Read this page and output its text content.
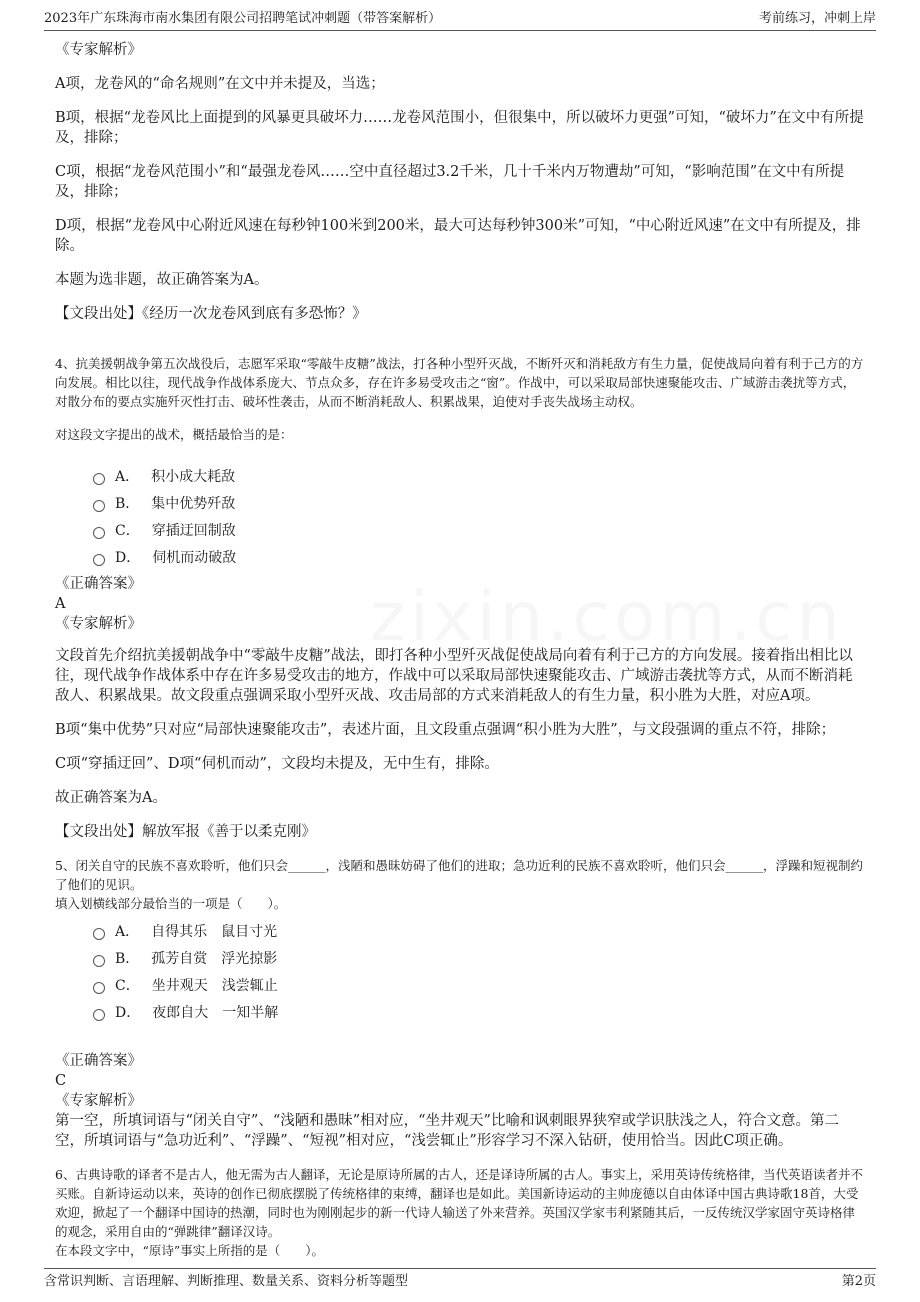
2023年广东珠海市南水集团有限公司招聘笔试冲刺题（带答案解析）	考前练习，冲刺上岸

《专家解析》

A项，龙卷风的“命名规则”在文中并未提及，当选；

B项，根据“龙卷风比上面提到的风暴更具破坏力……龙卷风范围小，但很集中，所以破坏力更强”可知，“破坏力”在文中有所提及，排除；

C项，根据“龙卷风范围小”和“最强龙卷风……空中直径超过3.2千米，几十千米内万物遭劫”可知，“影响范围”在文中有所提及，排除；

D项，根据“龙卷风中心附近风速在每秒钟100米到200米，最大可达每秒钟300米”可知，“中心附近风速”在文中有所提及，排除。

本题为选非题，故正确答案为A。

【文段出处】《经历一次龙卷风到底有多恐怖？》

4、抗美援朝战争第五次战役后，志愿军采取“零敲牛皮糖”战法，打各种小型歼灭战，不断歼灭和消耗敌方有生力量，促使战局向着有利于己方的方向发展。相比以往，现代战争作战体系庞大、节点众多，存在许多易受攻击之“窗”。作战中，可以采取局部快速聚能攻击、广域游击袭扰等方式，对散分布的要点实施歼灭性打击、破坏性袭击，从而不断消耗敌人、积累战果，迫使对手丧失战场主动权。

对这段文字提出的战术，概括最恰当的是：

A． 积小成大耗敌
B． 集中优势歼敌
C． 穿插迂回制敌
D． 伺机而动破敌

《正确答案》

A

《专家解析》

文段首先介绍抗美援朝战争中“零敲牛皮糖”战法，即打各种小型歼灭战促使战局向着有利于己方的方向发展。接着指出相比以往，现代战争作战体系中存在许多易受攻击的地方，作战中可以采取局部快速聚能攻击、广域游击袭扰等方式，从而不断消耗敌人、积累战果。故文段重点强调采取小型歼灭战、攻击局部的方式来消耗敌人的有生力量，积小胜为大胜，对应A项。

B项“集中优势”只对应“局部快速聚能攻击”，表述片面，且文段重点强调“积小胜为大胜”，与文段强调的重点不符，排除；

C项“穿插迂回”、D项“伺机而动”，文段均未提及，无中生有，排除。

故正确答案为A。

【文段出处】解放军报《善于以柔克刚》

5、闭关自守的民族不喜欢聆听，他们只会______，浅陋和愚昧妨碍了他们的进取；急功近利的民族不喜欢聆听，他们只会______，浮躁和短视制约了他们的见识。

填入划横线部分最恰当的一项是（　　）。

A． 自得其乐 鼠目寸光
B． 孤芳自赏 浮光掠影
C． 坐井观天 浅尝辄止
D． 夜郎自大 一知半解

《正确答案》

C

《专家解析》

第一空，所填词语与“闭关自守”、“浅陋和愚昧”相对应，“坐井观天”比喻和讽刺眼界狭窄或学识肤浅之人，符合文意。第二空，所填词语与“急功近利”、“浮躁”、“短视”相对应，“浅尝辄止”形容学习不深入钻研，使用恰当。因此C项正确。

6、古典诗歌的译者不是古人，他无需为古人翻译，无论是原诗所属的古人，还是译诗所属的古人。事实上，采用英诗传统格律，当代英语读者并不买账。自新诗运动以来，英诗的创作已彻底摆脱了传统格律的束缚，翻译也是如此。美国新诗运动的主帅庞德以自由体译中国古典诗歌18首，大受欢迎，掀起了一个翻译中国诗的热潮，同时也为刚刚起步的新一代诗人输送了外来营养。英国汉学家韦利紧随其后，一反传统汉学家固守英诗格律的观念，采用自由的“弹跳律”翻译汉诗。

在本段文字中，“原诗”事实上所指的是（　　）。

含常识判断、言语理解、判断推理、数量关系、资料分析等题型	第2页
